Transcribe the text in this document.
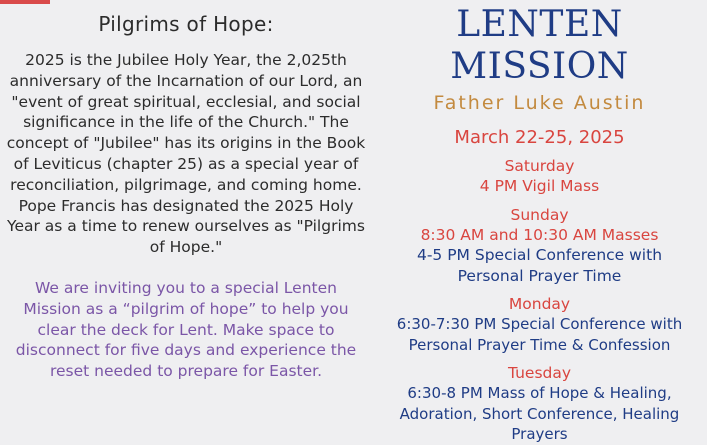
Pilgrims of Hope:

2025 is the Jubilee Holy Year, the 2,025th anniversary of the Incarnation of our Lord, an "event of great spiritual, ecclesial, and social significance in the life of the Church." The concept of "Jubilee" has its origins in the Book of Leviticus (chapter 25) as a special year of reconciliation, pilgrimage, and coming home. Pope Francis has designated the 2025 Holy Year as a time to renew ourselves as "Pilgrims of Hope."

We are inviting you to a special Lenten Mission as a “pilgrim of hope” to help you clear the deck for Lent. Make space to disconnect for five days and experience the reset needed to prepare for Easter.

LENTEN MISSION
Father Luke Austin
March 22-25, 2025
Saturday
4 PM Vigil Mass
Sunday
8:30 AM and 10:30 AM Masses
4-5 PM Special Conference with Personal Prayer Time
Monday
6:30-7:30 PM Special Conference with Personal Prayer Time & Confession
Tuesday
6:30-8 PM Mass of Hope & Healing, Adoration, Short Conference, Healing Prayers
